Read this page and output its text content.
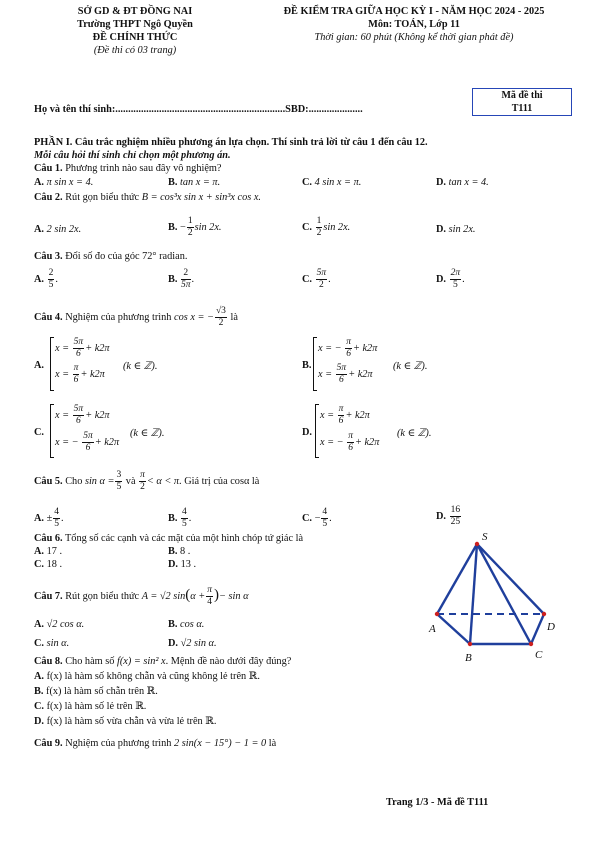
SỞ GD & ĐT ĐỒNG NAI
Trường THPT Ngô Quyền
ĐỀ CHÍNH THỨC
(Đề thi có 03 trang)
ĐỀ KIỂM TRA GIỮA HỌC KỲ I - NĂM HỌC 2024 - 2025
Môn: TOÁN, Lớp 11
Thời gian: 60 phút (Không kể thời gian phát đề)
Họ và tên thí sinh:..................................................................SBD:.....................
Mã đề thi
T111
PHẦN I. Câu trắc nghiệm nhiều phương án lựa chọn. Thí sinh trả lời từ câu 1 đến câu 12.
Mỗi câu hỏi thí sinh chỉ chọn một phương án.
Câu 1. Phương trình nào sau đây vô nghiệm?
A. π sin x = 4.	B. tan x = π.	C. 4 sin x = π.	D. tan x = 4.
Câu 2. Rút gọn biểu thức B = cos³x sin x + sin³x cos x.
A. 2 sin 2x.	B. − $\frac{1}{2}$ sin 2x.	C. $\frac{1}{2}$ sin 2x.	D. sin 2x.
Câu 3. Đổi số đo của góc 72° radian.
A. $\frac{2}{5}$ .	B. $\frac{2}{5\pi}$ .	C. $\frac{5\pi}{2}$ .	D. $\frac{2\pi}{5}$ .
Câu 4. Nghiệm của phương trình cos x = − $\frac{√3}{2}$ là
A.
$x = \frac{5\pi}{6} + k2\pi$
$x = \frac{\pi}{6} + k2\pi$
(k ∈ ℤ).	B.
x = − $\frac{\pi}{6} + k2\pi$
$x = \frac{5\pi}{6} + k2\pi$
(k ∈ ℤ).
C.
$x = \frac{5\pi}{6} + k2\pi$
x = − $\frac{5\pi}{6} + k2\pi$
(k ∈ ℤ).	D.
$x = \frac{\pi}{6} + k2\pi$
x = − $\frac{\pi}{6} + k2\pi$
(k ∈ ℤ).
Câu 5. Cho $\sin \alpha = \frac{3}{5}$ và $\frac{\pi}{2} < \alpha < \pi$. Giá trị của cosα là
A. ± $\frac{4}{5}$ .	B. $\frac{4}{5}$ .	C. − $\frac{4}{5}$ .	D. $\frac{16}{25}$
Câu 6. Tổng số các cạnh và các mặt của một hình chóp tứ giác là
A. 17 .	B. 8 .
C. 18 .	D. 13 .
Câu 7. Rút gọn biểu thức A = √2 $\sin(\alpha + \frac{\pi}{4}$ )− sin α
A. √2 cos α.	B. cos α.
C. sin α.	D. √2 sin α.
Câu 8. Cho hàm số f(x) = sin² x. Mệnh đề nào dưới đây đúng?
A. f(x) là hàm số không chẵn và cũng không lẻ trên ℝ.
B. f(x) là hàm số chẵn trên ℝ.
C. f(x) là hàm số lẻ trên ℝ.
D. f(x) là hàm số vừa chẵn và vừa lẻ trên ℝ.
Câu 9. Nghiệm của phương trình 2 sin(x − 15°) − 1 = 0 là
S
A
B	C
D
Trang 1/3 - Mã đề T111
